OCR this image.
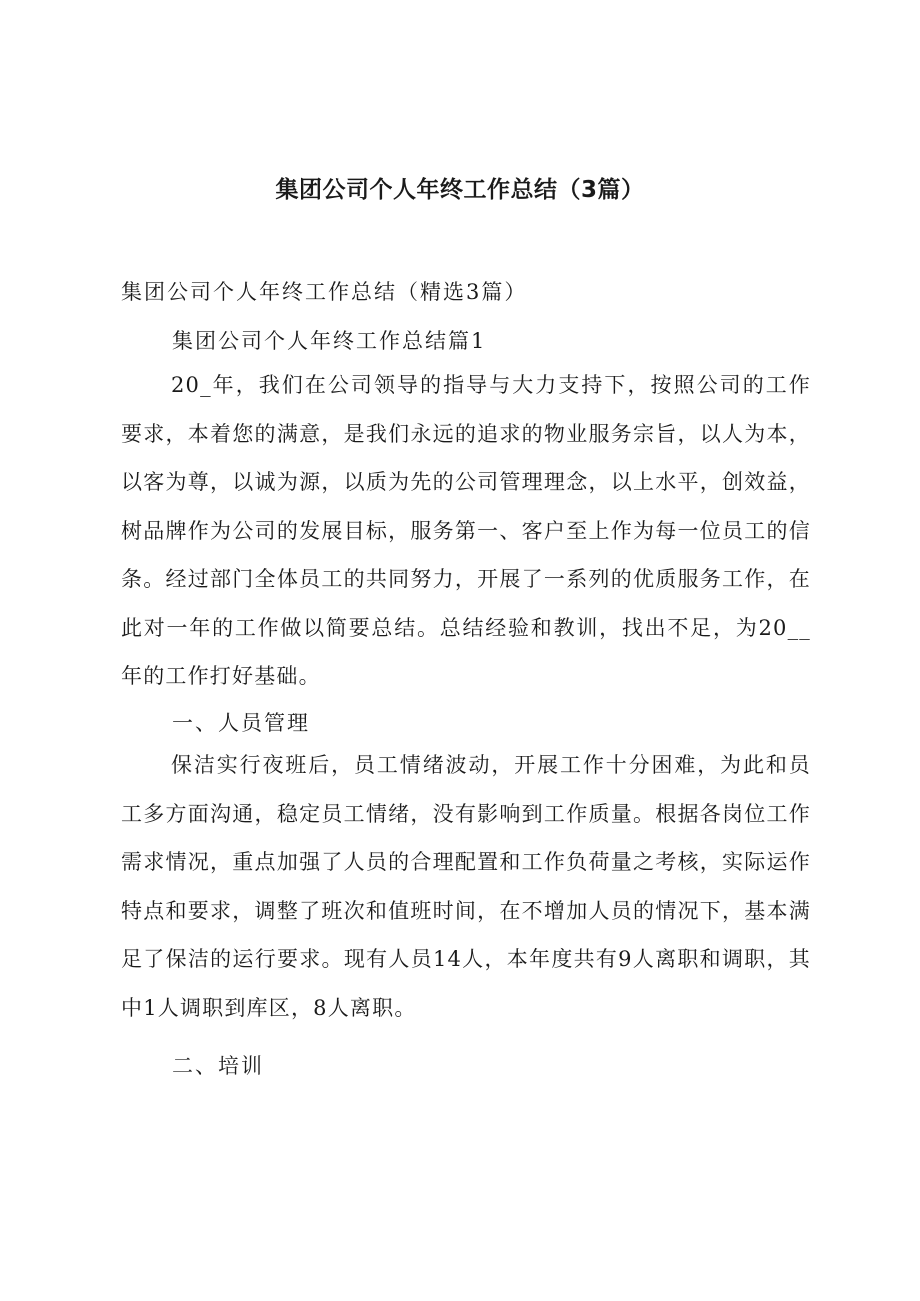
集团公司个人年终工作总结（3篇）

集团公司个人年终工作总结（精选3篇）

集团公司个人年终工作总结篇1

20_年，我们在公司领导的指导与大力支持下，按照公司的工作要求，本着您的满意，是我们永远的追求的物业服务宗旨，以人为本，以客为尊，以诚为源，以质为先的公司管理理念，以上水平，创效益，树品牌作为公司的发展目标，服务第一、客户至上作为每一位员工的信条。经过部门全体员工的共同努力，开展了一系列的优质服务工作，在此对一年的工作做以简要总结。总结经验和教训，找出不足，为20__年的工作打好基础。

一、人员管理

保洁实行夜班后，员工情绪波动，开展工作十分困难，为此和员工多方面沟通，稳定员工情绪，没有影响到工作质量。根据各岗位工作需求情况，重点加强了人员的合理配置和工作负荷量之考核，实际运作特点和要求，调整了班次和值班时间，在不增加人员的情况下，基本满足了保洁的运行要求。现有人员14人，本年度共有9人离职和调职，其中1人调职到库区，8人离职。

二、培训
